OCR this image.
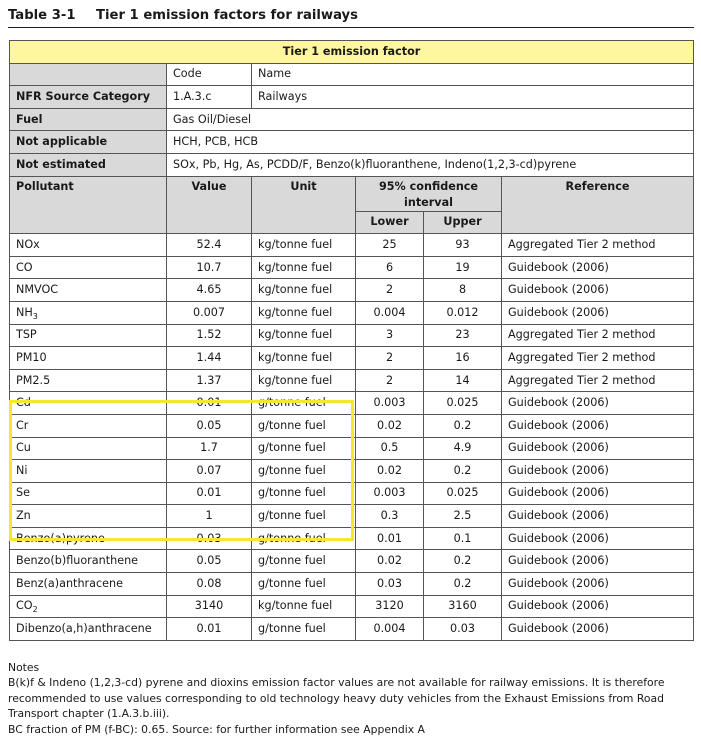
Table 3-1 Tier 1 emission factors for railways
Tier 1 emission factor					
	Code	Name			
NFR Source Category	1.A.3.c	Railways			
Fuel	Gas Oil/Diesel				
Not applicable	HCH, PCB, HCB				
Not estimated	SOx, Pb, Hg, As, PCDD/F, Benzo(k)fluoranthene, Indeno(1,2,3-cd)pyrene				
Pollutant	Value	Unit	95% confidence interval		Reference
			Lower	Upper	
NOx	52.4	kg/tonne fuel	25	93	Aggregated Tier 2 method
CO	10.7	kg/tonne fuel	6	19	Guidebook (2006)
NMVOC	4.65	kg/tonne fuel	2	8	Guidebook (2006)
$NH_3$	0.007	kg/tonne fuel	0.004	0.012	Guidebook (2006)
TSP	1.52	kg/tonne fuel	3	23	Aggregated Tier 2 method
PM10	1.44	kg/tonne fuel	2	16	Aggregated Tier 2 method
PM2.5	1.37	kg/tonne fuel	2	14	Aggregated Tier 2 method
Cd	0.01	g/tonne fuel	0.003	0.025	Guidebook (2006)
Cr	0.05	g/tonne fuel	0.02	0.2	Guidebook (2006)
Cu	1.7	g/tonne fuel	0.5	4.9	Guidebook (2006)
Ni	0.07	g/tonne fuel	0.02	0.2	Guidebook (2006)
Se	0.01	g/tonne fuel	0.003	0.025	Guidebook (2006)
Zn	1	g/tonne fuel	0.3	2.5	Guidebook (2006)
Benzo(a)pyrene	0.03	g/tonne fuel	0.01	0.1	Guidebook (2006)
Benzo(b)fluoranthene	0.05	g/tonne fuel	0.02	0.2	Guidebook (2006)
Benz(a)anthracene	0.08	g/tonne fuel	0.03	0.2	Guidebook (2006)
$CO_2$	3140	kg/tonne fuel	3120	3160	Guidebook (2006)
Dibenzo(a,h)anthracene	0.01	g/tonne fuel	0.004	0.03	Guidebook (2006)

Notes

B(k)f & Indeno (1,2,3-cd) pyrene and dioxins emission factor values are not available for railway emissions. It is therefore recommended to use values corresponding to old technology heavy duty vehicles from the Exhaust Emissions from Road Transport chapter (1.A.3.b.iii).

BC fraction of PM (f-BC): 0.65. Source: for further information see Appendix A
